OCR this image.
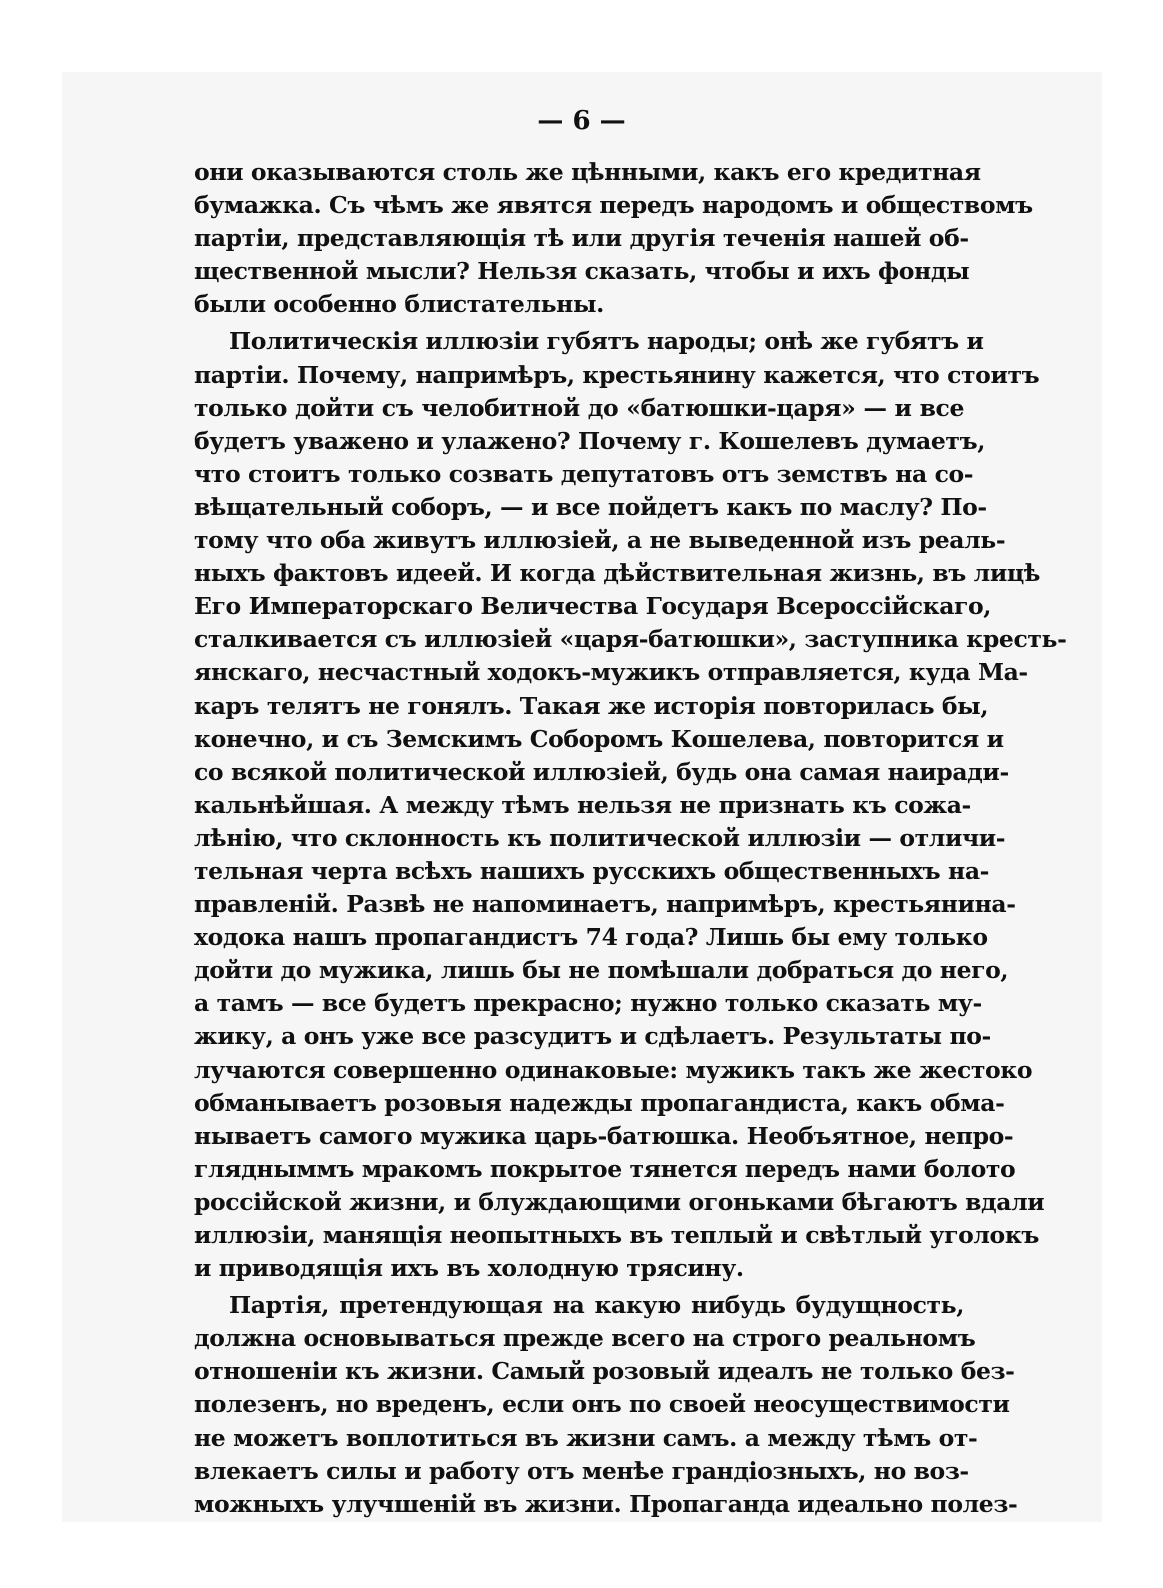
— 6 —
они оказываются столь же цѣнными, какъ его кредитная
бумажка. Съ чѣмъ же явятся передъ народомъ и обществомъ
партіи, представляющія тѣ или другія теченія нашей об-
щественной мысли? Нельзя сказать, чтобы и ихъ фонды
были особенно блистательны.
Политическія иллюзіи губятъ народы; онѣ же губятъ и
партіи. Почему, напримѣръ, крестьянину кажется, что стоитъ
только дойти съ челобитной до «батюшки-царя» — и все
будетъ уважено и улажено? Почему г. Кошелевъ думаетъ,
что стоитъ только созвать депутатовъ отъ земствъ на со-
вѣщательный соборъ, — и все пойдетъ какъ по маслу? По-
тому что оба живутъ иллюзіей, а не выведенной изъ реаль-
ныхъ фактовъ идеей. И когда дѣйствительная жизнь, въ лицѣ
Его Императорскаго Величества Государя Всероссійскаго,
сталкивается съ иллюзіей «царя-батюшки», заступника кресть-
янскаго, несчастный ходокъ-мужикъ отправляется, куда Ма-
каръ телятъ не гонялъ. Такая же исторія повторилась бы,
конечно, и съ Земскимъ Соборомъ Кошелева, повторится и
со всякой политической иллюзіей, будь она самая наиради-
кальнѣйшая. А между тѣмъ нельзя не признать къ сожа-
лѣнію, что склонность къ политической иллюзіи — отличи-
тельная черта всѣхъ нашихъ русскихъ общественныхъ на-
правленій. Развѣ не напоминаетъ, напримѣръ, крестьянина-
ходока нашъ пропагандистъ 74 года? Лишь бы ему только
дойти до мужика, лишь бы не помѣшали добраться до него,
а тамъ — все будетъ прекрасно; нужно только сказать му-
жику, а онъ уже все разсудитъ и сдѣлаетъ. Результаты по-
лучаются совершенно одинаковые: мужикъ такъ же жестоко
обманываетъ розовыя надежды пропагандиста, какъ обма-
нываетъ самого мужика царь-батюшка. Необъятное, непро-
глядныммъ мракомъ покрытое тянется передъ нами болото
россійской жизни, и блуждающими огоньками бѣгаютъ вдали
иллюзіи, манящія неопытныхъ въ теплый и свѣтлый уголокъ
и приводящія ихъ въ холодную трясину.
Партія, претендующая на какую нибудь будущность,
должна основываться прежде всего на строго реальномъ
отношеніи къ жизни. Самый розовый идеалъ не только без-
полезенъ, но вреденъ, если онъ по своей неосуществимости
не можетъ воплотиться въ жизни самъ. а между тѣмъ от-
влекаетъ силы и работу отъ менѣе грандіозныхъ, но воз-
можныхъ улучшеній въ жизни. Пропаганда идеально полез-
